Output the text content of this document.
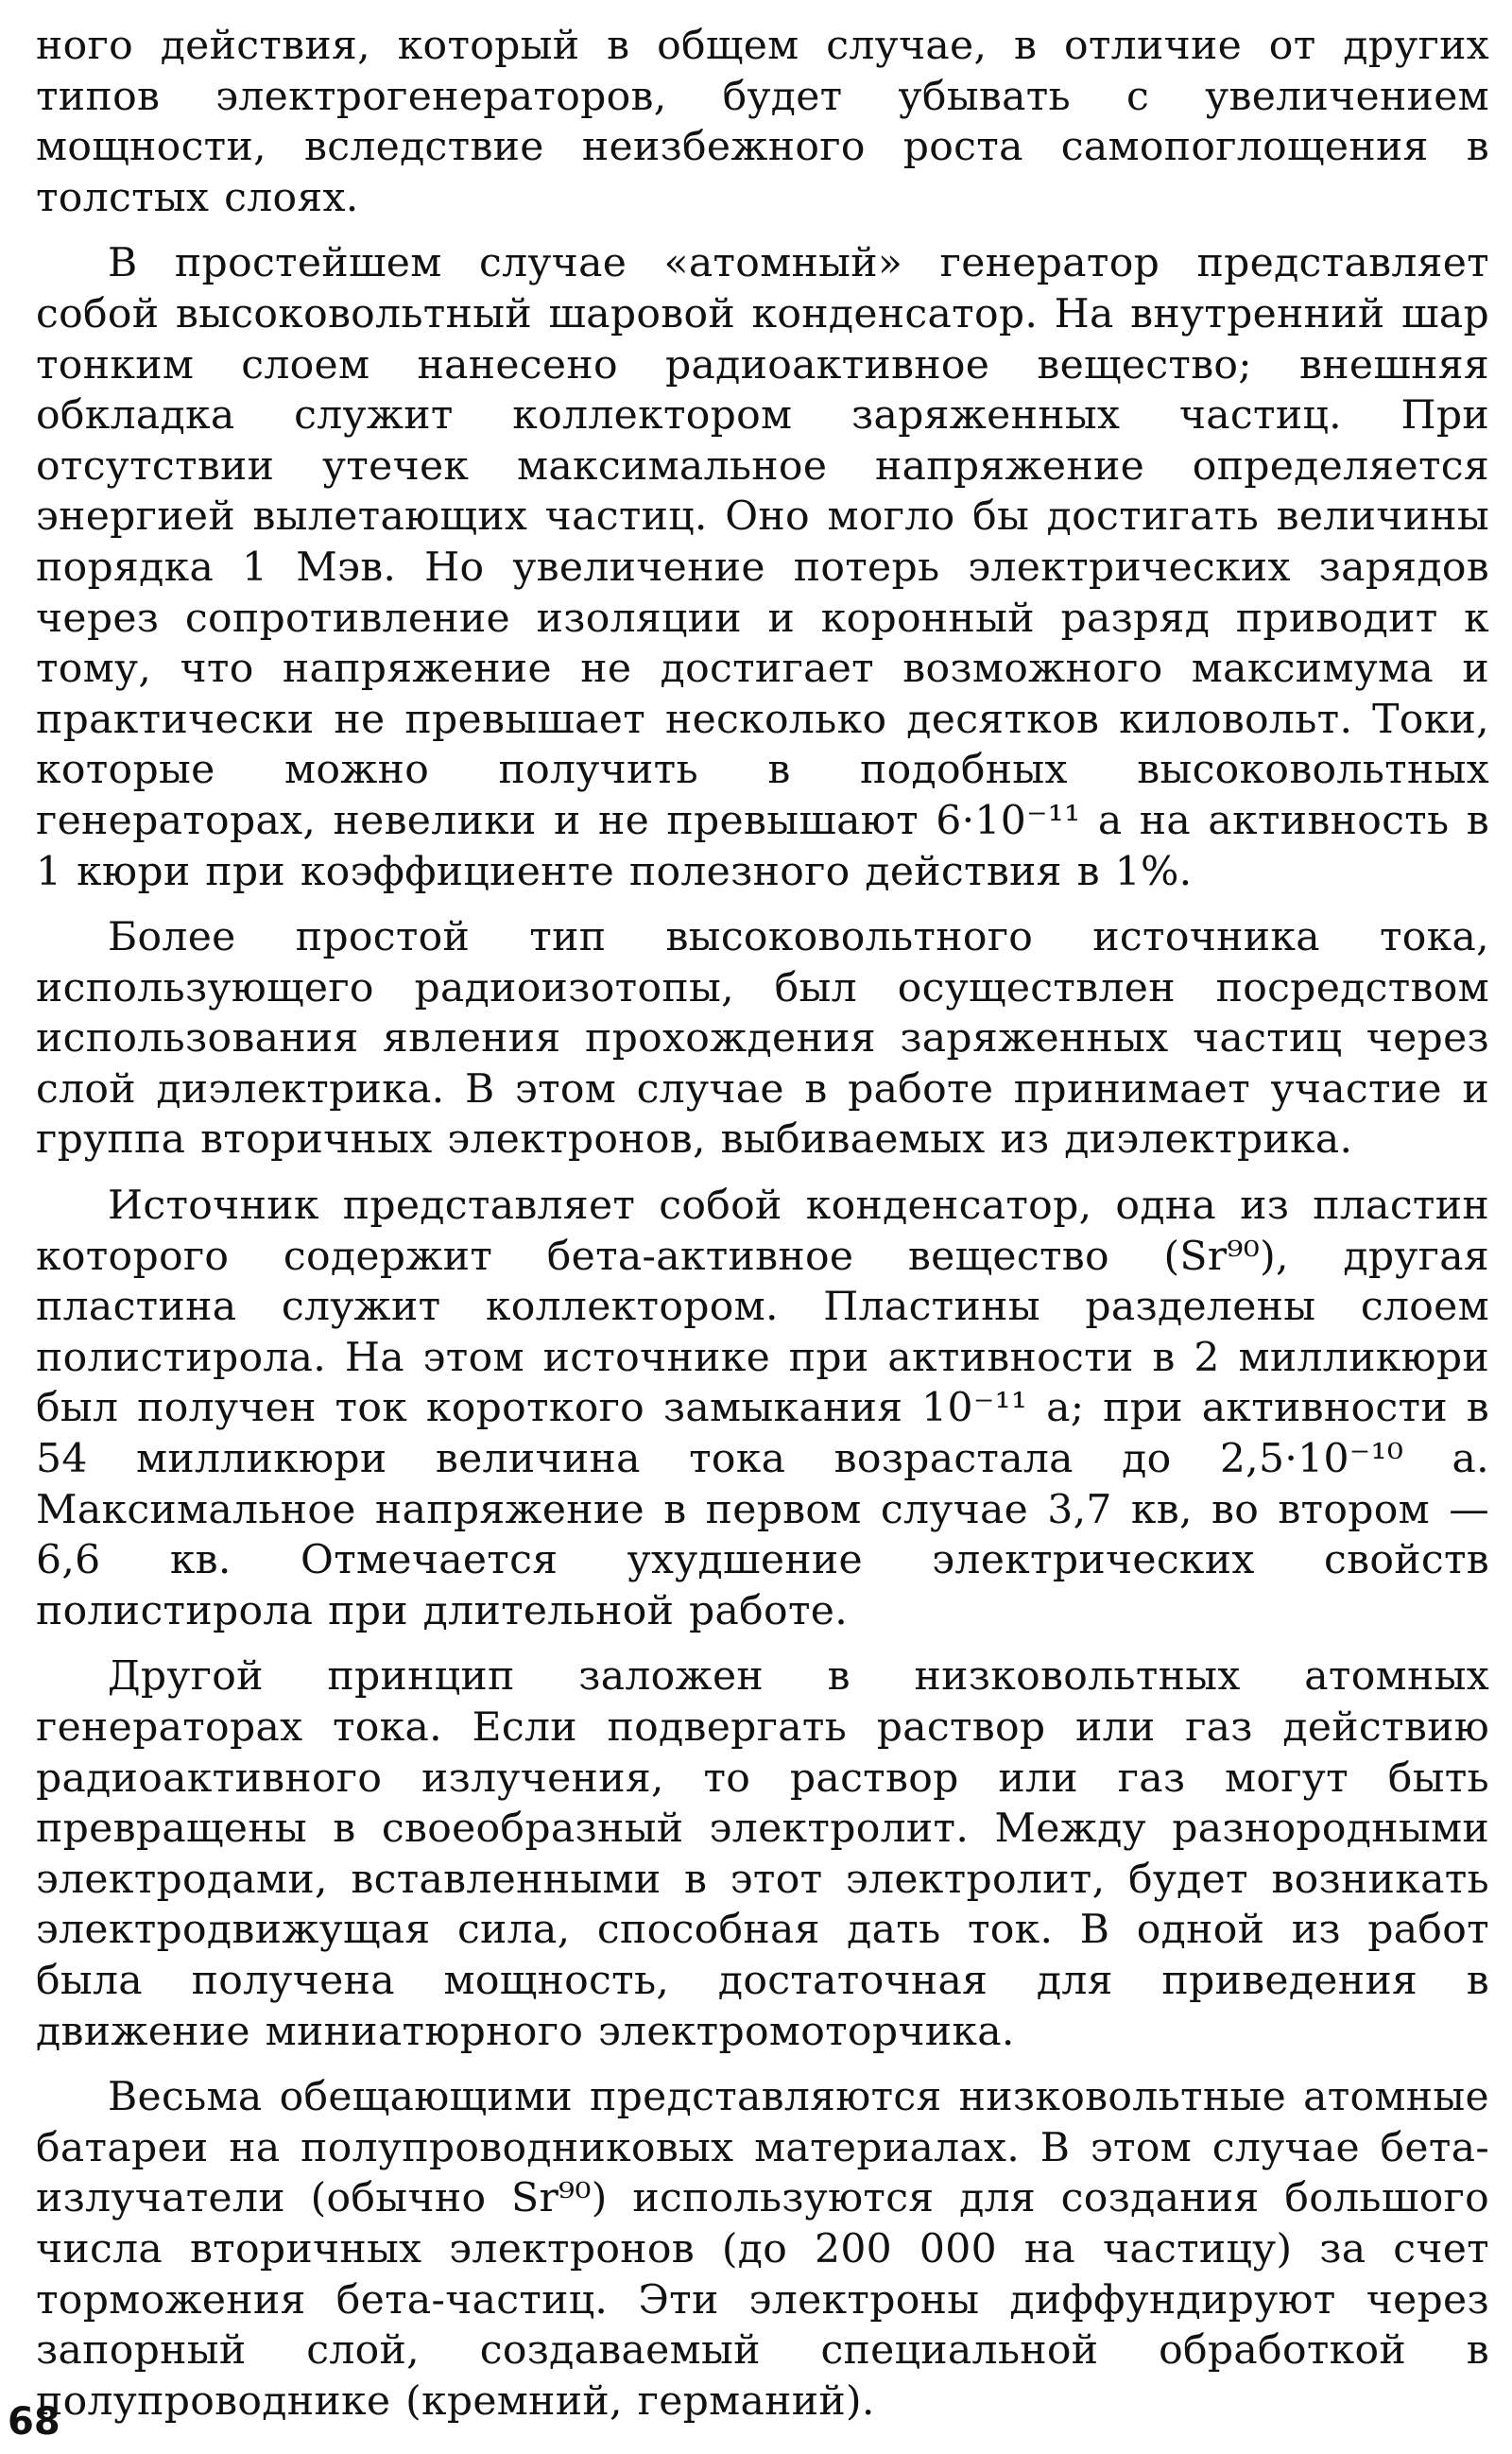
ного действия, который в общем случае, в отличие от других типов электрогенераторов, будет убывать с увеличением мощности, вследствие неизбежного роста самопоглощения в толстых слоях.

В простейшем случае «атомный» генератор представляет собой высоковольтный шаровой конденсатор. На внутренний шар тонким слоем нанесено радиоактивное вещество; внешняя обкладка служит коллектором заряженных частиц. При отсутствии утечек максимальное напряжение определяется энергией вылетающих частиц. Оно могло бы достигать величины порядка 1 Мэв. Но увеличение потерь электрических зарядов через сопротивление изоляции и коронный разряд приводит к тому, что напряжение не достигает возможного максимума и практически не превышает несколько десятков киловольт. Токи, которые можно получить в подобных высоковольтных генераторах, невелики и не превышают 6·10⁻¹¹ а на активность в 1 кюри при коэффициенте полезного действия в 1%.

Более простой тип высоковольтного источника тока, использующего радиоизотопы, был осуществлен посредством использования явления прохождения заряженных частиц через слой диэлектрика. В этом случае в работе принимает участие и группа вторичных электронов, выбиваемых из диэлектрика.

Источник представляет собой конденсатор, одна из пластин которого содержит бета-активное вещество (Sr⁹⁰), другая пластина служит коллектором. Пластины разделены слоем полистирола. На этом источнике при активности в 2 милликюри был получен ток короткого замыкания 10⁻¹¹ а; при активности в 54 милликюри величина тока возрастала до 2,5·10⁻¹⁰ а. Максимальное напряжение в первом случае 3,7 кв, во втором — 6,6 кв. Отмечается ухудшение электрических свойств полистирола при длительной работе.

Другой принцип заложен в низковольтных атомных генераторах тока. Если подвергать раствор или газ действию радиоактивного излучения, то раствор или газ могут быть превращены в своеобразный электролит. Между разнородными электродами, вставленными в этот электролит, будет возникать электродвижущая сила, способная дать ток. В одной из работ была получена мощность, достаточная для приведения в движение миниатюрного электромоторчика.

Весьма обещающими представляются низковольтные атомные батареи на полупроводниковых материалах. В этом случае бета-излучатели (обычно Sr⁹⁰) используются для создания большого числа вторичных электронов (до 200 000 на частицу) за счет торможения бета-частиц. Эти электроны диффундируют через запорный слой, создаваемый специальной обработкой в полупроводнике (кремний, германий).

68
